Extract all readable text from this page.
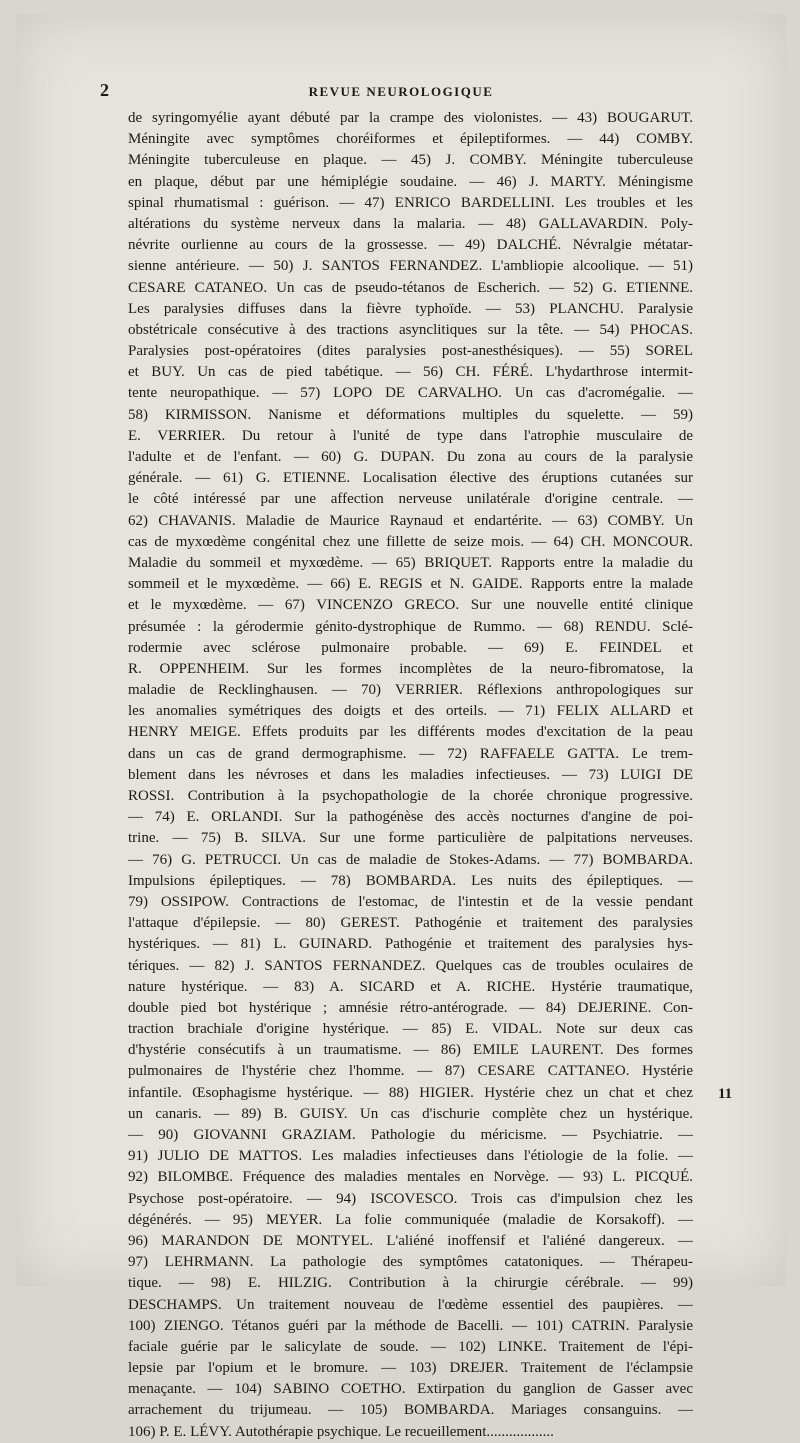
2	REVUE NEUROLOGIQUE
de syringomyélie ayant débuté par la crampe des violonistes. — 43) BOUGARUT.
Méningite avec symptômes choréiformes et épileptiformes. — 44) COMBY.
Méningite tuberculeuse en plaque. — 45) J. COMBY. Méningite tuberculeuse
en plaque, début par une hémiplégie soudaine. — 46) J. MARTY. Méningisme
spinal rhumatismal : guérison. — 47) ENRICO BARDELLINI. Les troubles et les
altérations du système nerveux dans la malaria. — 48) GALLAVARDIN. Poly-
névrite ourlienne au cours de la grossesse. — 49) DALCHÉ. Névralgie métatar-
sienne antérieure. — 50) J. SANTOS FERNANDEZ. L'ambliopie alcoolique. — 51)
CESARE CATANEO. Un cas de pseudo-tétanos de Escherich. — 52) G. ETIENNE.
Les paralysies diffuses dans la fièvre typhoïde. — 53) PLANCHU. Paralysie
obstétricale consécutive à des tractions asynclitiques sur la tête. — 54) PHOCAS.
Paralysies post-opératoires (dites paralysies post-anesthésiques). — 55) SOREL
et BUY. Un cas de pied tabétique. — 56) CH. FÉRÉ. L'hydarthrose intermit-
tente neuropathique. — 57) LOPO DE CARVALHO. Un cas d'acromégalie. —
58) KIRMISSON. Nanisme et déformations multiples du squelette. — 59)
E. VERRIER. Du retour à l'unité de type dans l'atrophie musculaire de
l'adulte et de l'enfant. — 60) G. DUPAN. Du zona au cours de la paralysie
générale. — 61) G. ETIENNE. Localisation élective des éruptions cutanées sur
le côté intéressé par une affection nerveuse unilatérale d'origine centrale. —
62) CHAVANIS. Maladie de Maurice Raynaud et endartérite. — 63) COMBY. Un
cas de myxœdème congénital chez une fillette de seize mois. — 64) CH. MONCOUR.
Maladie du sommeil et myxœdème. — 65) BRIQUET. Rapports entre la maladie du
sommeil et le myxœdème. — 66) E. REGIS et N. GAIDE. Rapports entre la malade
et le myxœdème. — 67) VINCENZO GRECO. Sur une nouvelle entité clinique
présumée : la gérodermie génito-dystrophique de Rummo. — 68) RENDU. Sclé-
rodermie avec sclérose pulmonaire probable. — 69) E. FEINDEL et
R. OPPENHEIM. Sur les formes incomplètes de la neuro-fibromatose, la
maladie de Recklinghausen. — 70) VERRIER. Réflexions anthropologiques sur
les anomalies symétriques des doigts et des orteils. — 71) FELIX ALLARD et
HENRY MEIGE. Effets produits par les différents modes d'excitation de la peau
dans un cas de grand dermographisme. — 72) RAFFAELE GATTA. Le trem-
blement dans les névroses et dans les maladies infectieuses. — 73) LUIGI DE
ROSSI. Contribution à la psychopathologie de la chorée chronique progressive.
— 74) E. ORLANDI. Sur la pathogénèse des accès nocturnes d'angine de poi-
trine. — 75) B. SILVA. Sur une forme particulière de palpitations nerveuses.
— 76) G. PETRUCCI. Un cas de maladie de Stokes-Adams. — 77) BOMBARDA.
Impulsions épileptiques. — 78) BOMBARDA. Les nuits des épileptiques. —
79) OSSIPOW. Contractions de l'estomac, de l'intestin et de la vessie pendant
l'attaque d'épilepsie. — 80) GEREST. Pathogénie et traitement des paralysies
hystériques. — 81) L. GUINARD. Pathogénie et traitement des paralysies hys-
tériques. — 82) J. SANTOS FERNANDEZ. Quelques cas de troubles oculaires de
nature hystérique. — 83) A. SICARD et A. RICHE. Hystérie traumatique,
double pied bot hystérique ; amnésie rétro-antérograde. — 84) DEJERINE. Con-
traction brachiale d'origine hystérique. — 85) E. VIDAL. Note sur deux cas
d'hystérie consécutifs à un traumatisme. — 86) EMILE LAURENT. Des formes
pulmonaires de l'hystérie chez l'homme. — 87) CESARE CATTANEO. Hystérie
infantile. Œsophagisme hystérique. — 88) HIGIER. Hystérie chez un chat et chez
un canaris. — 89) B. GUISY. Un cas d'ischurie complète chez un hystérique.
— 90) GIOVANNI GRAZIAM. Pathologie du méricisme. — Psychiatrie. —
91) JULIO DE MATTOS. Les maladies infectieuses dans l'étiologie de la folie. —
92) BILOMBŒ. Fréquence des maladies mentales en Norvège. — 93) L. PICQUÉ.
Psychose post-opératoire. — 94) ISCOVESCO. Trois cas d'impulsion chez les
dégénérés. — 95) MEYER. La folie communiquée (maladie de Korsakoff). —
96) MARANDON DE MONTYEL. L'aliéné inoffensif et l'aliéné dangereux. —
97) LEHRMANN. La pathologie des symptômes catatoniques. — Thérapeu-
tique. — 98) E. HILZIG. Contribution à la chirurgie cérébrale. — 99)
DESCHAMPS. Un traitement nouveau de l'œdème essentiel des paupières. —
100) ZIENGO. Tétanos guéri par la méthode de Bacelli. — 101) CATRIN. Paralysie
faciale guérie par le salicylate de soude. — 102) LINKE. Traitement de l'épi-
lepsie par l'opium et le bromure. — 103) DREJER. Traitement de l'éclampsie
menaçante. — 104) SABINO COETHO. Extirpation du ganglion de Gasser avec
arrachement du trijumeau. — 105) BOMBARDA. Mariages consanguins. —
106) P. E. LÉVY. Autothérapie psychique. Le recueillement..................
11
